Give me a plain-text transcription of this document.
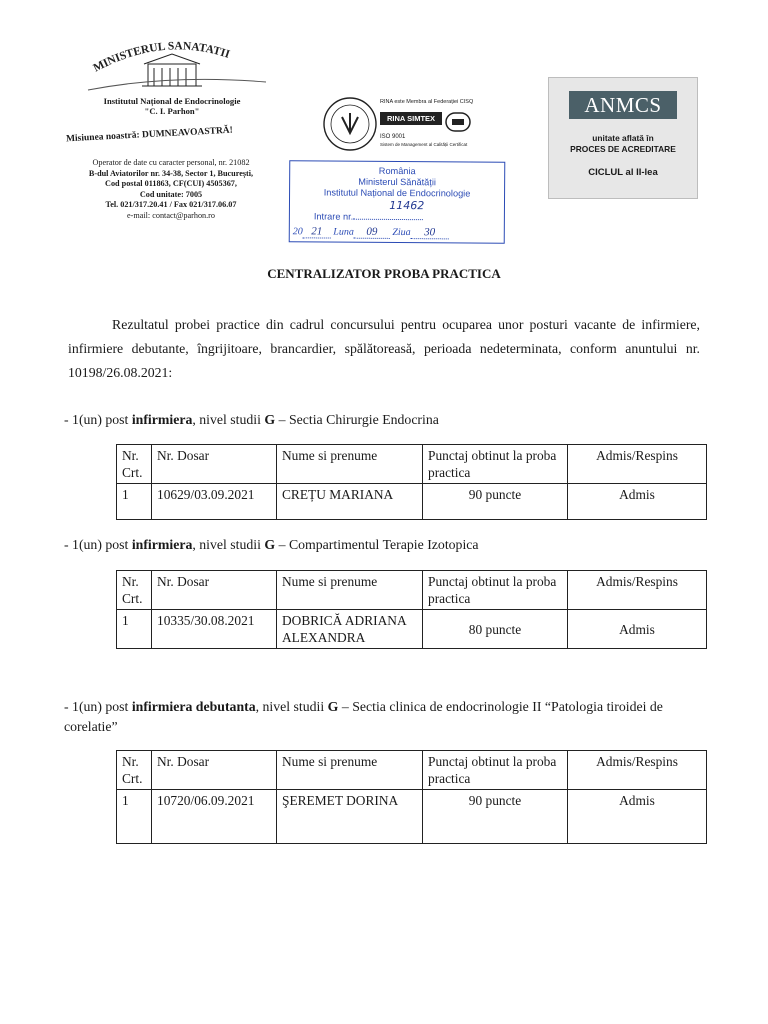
MINISTERUL SANATATII
Institutul Național de Endocrinologie
"C. I. Parhon"
Misiunea noastră: DUMNEAVOASTRĂ!
Operator de date cu caracter personal, nr. 21082
B-dul Aviatorilor nr. 34-38, Sector 1, București,
Cod postal 011863, CF(CUI) 4505367,
Cod unitate: 7005
Tel. 021/317.20.41 / Fax 021/317.06.07
e-mail: contact@parhon.ro
RINA este Membra al Federației CISQ
RINA SIMTEX
ISO 9001
Sistem de Management al Calității Certificat
România
Ministerul Sănătății
Institutul Național de Endocrinologie
Intrare nr.
11462
20 21 Luna 09 Ziua 30
ANMCS
unitate aflată în
PROCES DE ACREDITARE
CICLUL al II-lea
CENTRALIZATOR PROBA PRACTICA
Rezultatul probei practice din cadrul concursului pentru ocuparea unor posturi vacante de infirmiere, infirmiere debutante, îngrijitoare, brancardier, spălătoreasă, perioada nedeterminata, conform anuntului nr. 10198/26.08.2021:
- 1(un) post infirmiera, nivel studii G – Sectia Chirurgie Endocrina
Nr. Crt.	Nr. Dosar	Nume si prenume	Punctaj obtinut la proba practica	Admis/Respins
1	10629/03.09.2021	CREȚU MARIANA	90 puncte	Admis
- 1(un) post infirmiera, nivel studii G – Compartimentul Terapie Izotopica
Nr. Crt.	Nr. Dosar	Nume si prenume	Punctaj obtinut la proba practica	Admis/Respins
1	10335/30.08.2021	DOBRICĂ ADRIANA ALEXANDRA	80 puncte	Admis
- 1(un) post infirmiera debutanta, nivel studii G – Sectia clinica de endocrinologie II “Patologia tiroidei de corelatie”
Nr. Crt.	Nr. Dosar	Nume si prenume	Punctaj obtinut la proba practica	Admis/Respins
1	10720/06.09.2021	ŞEREMET DORINA	90 puncte	Admis
